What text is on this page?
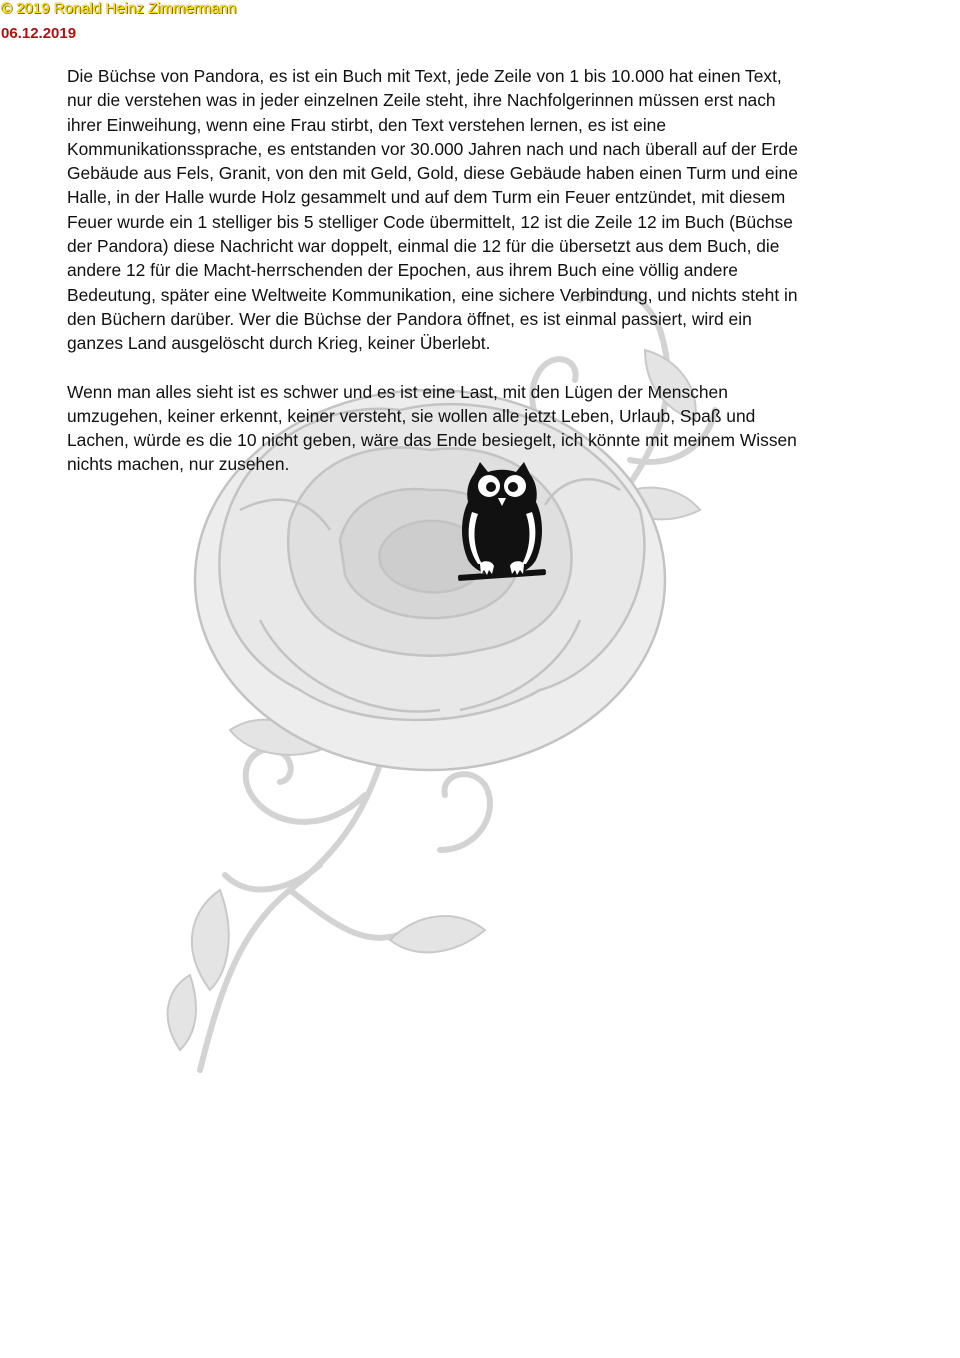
© 2019 Ronald Heinz Zimmermann
06.12.2019

Die Büchse von Pandora, es ist ein Buch mit Text, jede Zeile von 1 bis 10.000 hat einen Text,
nur die verstehen was in jeder einzelnen Zeile steht, ihre Nachfolgerinnen müssen erst nach
ihrer Einweihung, wenn eine Frau stirbt, den Text verstehen lernen, es ist eine
Kommunikationssprache, es entstanden vor 30.000 Jahren nach und nach überall auf der Erde
Gebäude aus Fels, Granit, von den mit Geld, Gold, diese Gebäude haben einen Turm und eine
Halle, in der Halle wurde Holz gesammelt und auf dem Turm ein Feuer entzündet, mit diesem
Feuer wurde ein 1 stelliger bis 5 stelliger Code übermittelt, 12 ist die Zeile 12 im Buch (Büchse
der Pandora) diese Nachricht war doppelt, einmal die 12 für die übersetzt aus dem Buch, die
andere 12 für die Macht-herrschenden der Epochen, aus ihrem Buch eine völlig andere
Bedeutung, später eine Weltweite Kommunikation, eine sichere Verbindung, und nichts steht in
den Büchern darüber. Wer die Büchse der Pandora öffnet, es ist einmal passiert, wird ein
ganzes Land ausgelöscht durch Krieg, keiner Überlebt.

Wenn man alles sieht ist es schwer und es ist eine Last, mit den Lügen der Menschen
umzugehen, keiner erkennt, keiner versteht, sie wollen alle jetzt Leben, Urlaub, Spaß und
Lachen, würde es die 10 nicht geben, wäre das Ende besiegelt, ich könnte mit meinem Wissen
nichts machen, nur zusehen.
